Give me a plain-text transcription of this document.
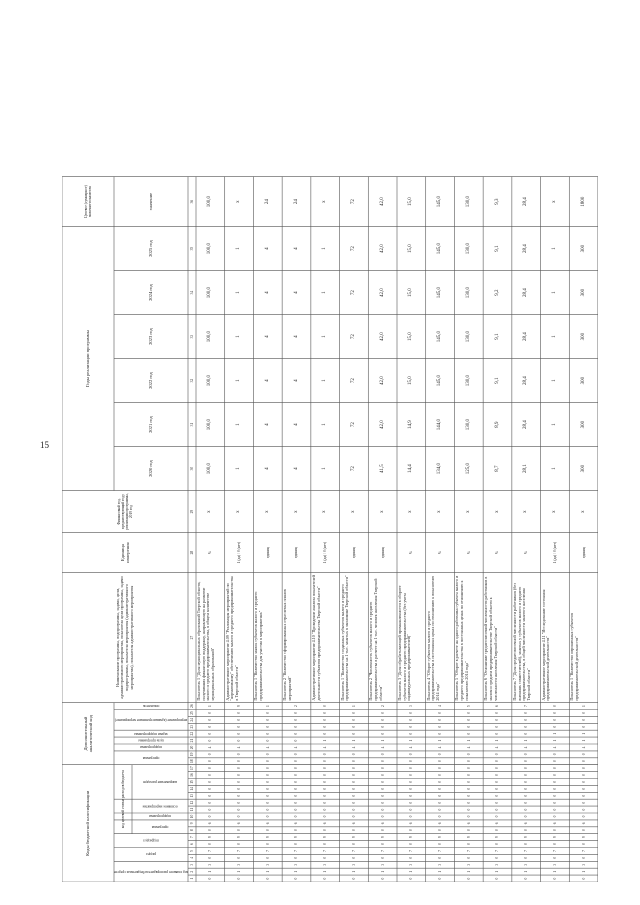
15
Коды бюджетной классификации
Дополнительный аналитический код
Наименование программы, подпрограммы, задачи, цели, административного мероприятия, показателя цели программы, задачи подпрограммы, показателя мероприятия (административного мероприятия), показателя административного мероприятия
Единица измерения
Финансовый год, предшествующий году реализации программы, 2019 год
Годы реализации программы
Целевое (суммарное) значение показателя
код главного распорядителя бюджетных средств
раздел
подраздел
код целевой статьи расходов бюджета	программа
подпрограмма
основное мероприятие
направление расходов
программа
подпрограмма
цель программы
задачи подпрограммы
мероприятие (административное мероприятие)
показатель
2020 год
2021 год
2022 год
2023 год
2024 год
2025 год
значение
1
2
3
4
5
6
7
8
9
10
11
12
13
14
15
16
17
18
19
20
21
22
23
24
25
26
27
28
29
30
31
32
33
34
35
36
0
1
3
0
7
0
9
0
6
0
0
0
0
0
0
0
0
0
0
4
0
0
0
0
0
1
Показатель 1 "Доля муниципальных образований Тверской области, получивших финансовую поддержку, направленную на развитие малого и среднего предпринимательства, в общем количестве муниципальных образований"
%
х
100,0
100,0
100,0
100,0
100,0
100,0
100,0
0
1
3
0
7
0
9
0
6
0
0
0
0
0
0
0
0
0
0
4
0
0
0
0
0
9
Административное мероприятие 4.09 "Реализация мероприятий по "нормативному" обеспечению малого и среднего предпринимательства в Тверской области"
1 (да) / 0 (нет)
х
1
1
1
1
1
1
х
0
1
3
0
7
0
9
0
6
0
0
0
0
0
0
0
0
0
0
4
0
0
0
0
0
1
Показатель 1 "Количество заявок субъектов малого и среднего предпринимательства для участия в мероприятиях"
единиц
х
4
4
4
4
4
4
24
0
1
3
0
7
0
9
0
6
0
0
0
0
0
0
0
0
0
0
4
0
0
0
0
0
2
Показатель 2 "Количество сформированных отраслевых планов мероприятий"
единиц
х
4
4
4
4
4
4
24
0
1
3
0
7
0
9
0
6
0
0
0
0
0
0
0
0
0
0
4
1
0
0
0
0
0
Административное мероприятие 4.10 "Проведение анализа показателей деятельности субъектов предпринимательства Тверской области"
1 (да) / 0 (нет)
х
1
1
1
1
1
1
х
0
1
3
0
7
0
9
0
6
0
0
0
0
0
0
0
0
0
0
4
1
0
0
0
0
1
Показатель 1 "Количество созданных субъектов малого и среднего предпринимательства на 1 тыс. занятых в экономике Тверской области"
единиц
х
72
72
72
72
72
72
72
0
1
3
0
7
0
9
0
6
0
0
0
0
0
0
0
0
0
0
4
1
0
0
0
0
2
Показатель 2 "Численность субъектов малого и среднего предпринимательства в расчете на 1 тыс. человек населения Тверской области"
единиц
х
41,5
42,0
42,0
42,0
42,0
42,0
42,0
0
1
3
0
7
0
9
0
6
0
0
0
0
0
0
0
0
0
0
4
1
0
0
0
0
3
Показатель 3 "Доля обрабатывающей промышленности в обороте субъектов малого и среднего предпринимательства (без учета индивидуальных предпринимателей)"
%
х
14,4
14,9
15,0
15,0
15,0
15,0
15,0
0
1
3
0
7
0
9
0
6
0
0
0
0
0
0
0
0
0
0
4
1
0
0
0
0
4
Показатель 4 "Оборот субъектов малого и среднего предпринимательства в постоянных ценах по отношению к показателю 2014 года"
%
х
134,0
144,0
145,0
145,0
145,0
145,0
145,0
0
1
3
0
7
0
9
0
6
0
0
0
0
0
0
0
0
0
0
4
1
0
0
0
0
5
Показатель 5 "Оборот в расчете на одного работника субъекта малого и среднего предпринимательства в постоянных ценах по отношению к показателю 2014 года"
%
х
125,0
130,0
130,0
130,0
130,0
130,0
130,0
0
1
3
0
7
0
9
0
6
0
0
0
0
0
0
0
0
0
0
4
1
0
0
0
0
6
Показатель 6 "Отношение среднесписочной численности работников в малом и среднем предпринимательстве Тверской области к численности населения Тверской области"
%
х
8,7
8,9
9,1
9,1
9,2
9,1
9,3
0
1
3
0
7
0
9
0
6
0
0
0
0
0
0
0
0
0
0
4
1
0
0
0
0
7
Показатель 7 "Доля среднесписочной численности работников (без внешних совместителей), занятых у субъектов малого и среднего предпринимательства, в общей численности занятого населения Тверской области"
%
х
28,1
28,4
28,4
28,4
28,4
28,4
28,4
0
1
3
0
7
0
9
0
6
0
0
0
0
0
0
0
0
0
0
4
1
1
0
0
0
0
Административное мероприятие 4.11 "Исследование состояния предпринимательской деятельности"
1 (да) / 0 (нет)
х
1
1
1
1
1
1
х
0
1
3
0
7
0
9
0
6
0
0
0
0
0
0
0
0
0
0
4
1
1
0
0
0
1
Показатель 1 "Количество опрошенных субъектов предпринимательской деятельности"
единиц
х
300
300
300
300
300
300
1800
